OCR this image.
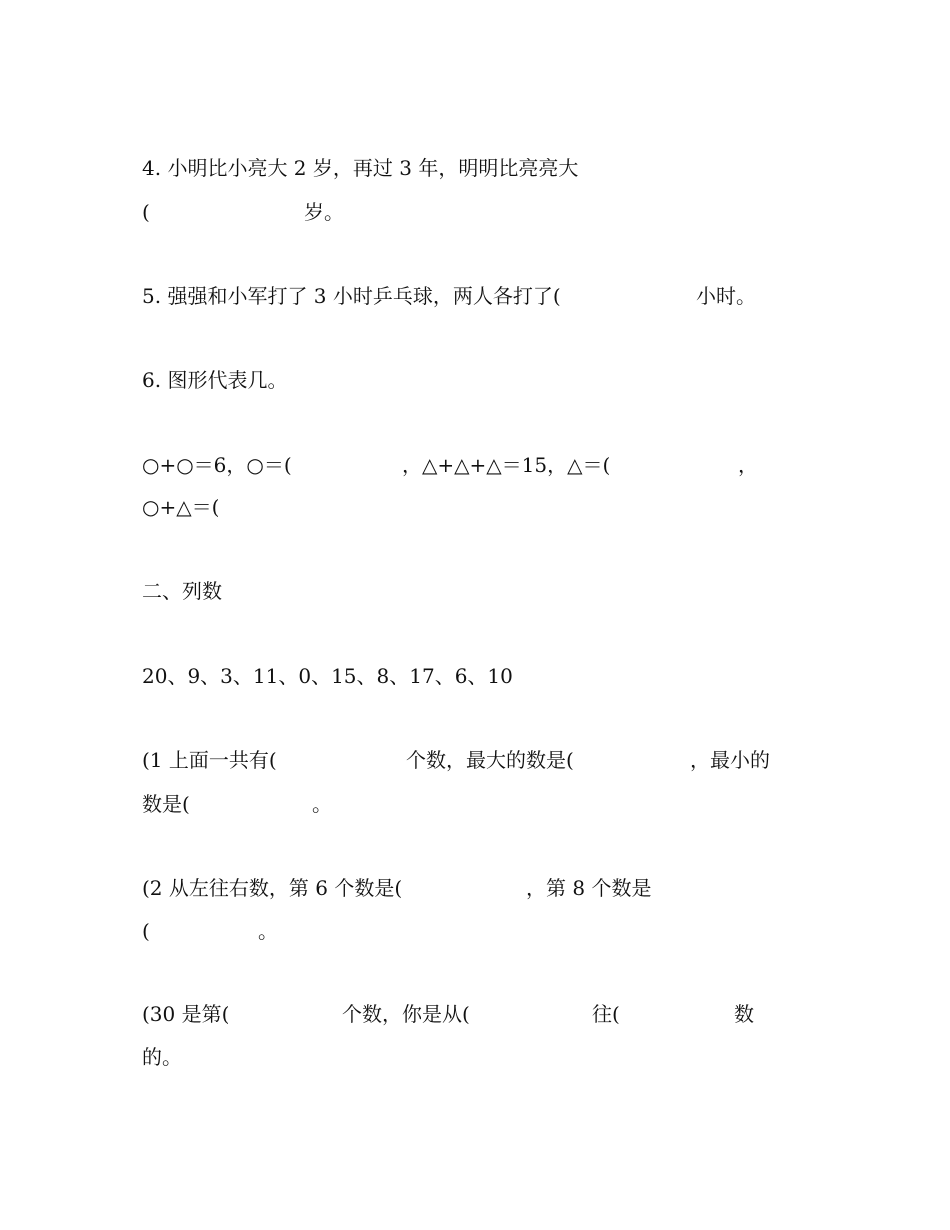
4. 小明比小亮大 2 岁，再过 3 年，明明比亮亮大

(

	岁。

5. 强强和小军打了 3 小时乒乓球，两人各打了(

	小时。

6. 图形代表几。

○+○＝6，○＝(

	，△+△+△＝15，△＝(

	，

○+△＝(

二、列数

20、9、3、11、0、15、8、17、6、10

(1 上面一共有(

	个数，最大的数是(

	，最小的

数是(

	。

(2 从左往右数，第 6 个数是(

	，第 8 个数是

(

	。

(30 是第(

	个数，你是从(

	往(

	数

的。
